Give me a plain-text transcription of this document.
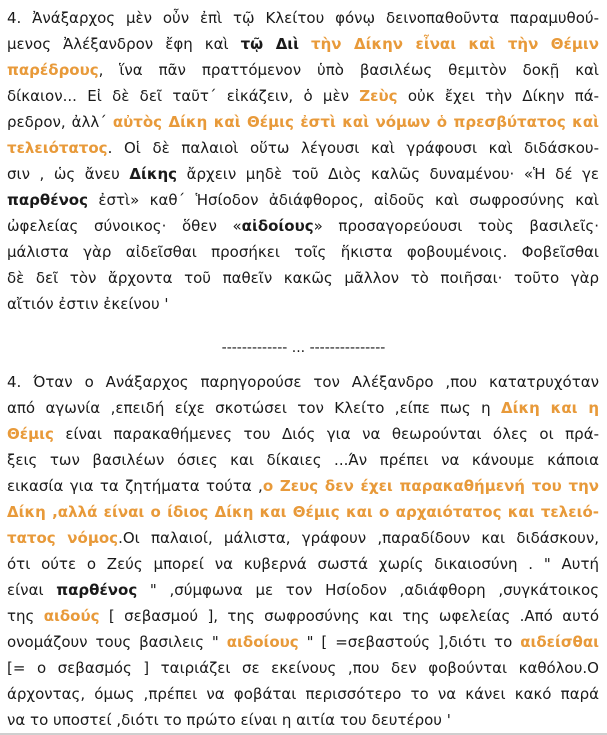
4. Ἀνάξαρχος μὲν οὖν ἐπὶ τῷ Κλείτου φόνῳ δεινοπαθοῦντα παραμυθού-
μενος Ἀλέξανδρον ἔφη καὶ τῷ Διὶ τὴν Δίκην εἶναι καὶ τὴν Θέμιν
παρέδρους, ἵνα πᾶν πραττόμενον ὑπὸ βασιλέως θεμιτὸν δοκῇ καὶ
δίκαιον... Εἰ δὲ δεῖ ταῦτ´ εἰκάζειν, ὁ μὲν Ζεὺς οὐκ ἔχει τὴν Δίκην πά-
ρεδρον, ἀλλ´ αὐτὸς Δίκη καὶ Θέμις ἐστὶ καὶ νόμων ὁ πρεσβύτατος καὶ
τελειότατος. Οἱ δὲ παλαιοὶ οὕτω λέγουσι καὶ γράφουσι καὶ διδάσκου-
σιν , ὡς ἄνευ Δίκης ἄρχειν μηδὲ τοῦ Διὸς καλῶς δυναμένου· «Ἡ δέ γε
παρθένος ἐστὶ» καθ´ Ἡσίοδον ἀδιάφθορος, αἰδοῦς καὶ σωφροσύνης καὶ
ὠφελείας σύνοικος· ὅθεν «αἰδοίους» προσαγορεύουσι τοὺς βασιλεῖς·
μάλιστα γὰρ αἰδεῖσθαι προσήκει τοῖς ἥκιστα φοβουμένοις. Φοβεῖσθαι
δὲ δεῖ τὸν ἄρχοντα τοῦ παθεῖν κακῶς μᾶλλον τὸ ποιῆσαι· τοῦτο γὰρ
αἴτιόν ἐστιν ἐκείνου '
------------- ... ---------------
4. Όταν ο Ανάξαρχος παρηγορούσε τον Αλέξανδρο ,που κατατρυχόταν
από αγωνία ,επειδή είχε σκοτώσει τον Κλείτο ,είπε πως η Δίκη και η
Θέμις είναι παρακαθήμενες του Διός για να θεωρούνται όλες οι πρά-
ξεις των βασιλέων όσιες και δίκαιες ...Άν πρέπει να κάνουμε κάποια
εικασία για τα ζητήματα τούτα ,ο Ζευς δεν έχει παρακαθήμενή του την
Δίκη ,αλλά είναι ο ίδιος Δίκη και Θέμις και ο αρχαιότατος και τελειό-
τατος νόμος.Οι παλαιοί, μάλιστα, γράφουν ,παραδίδουν και διδάσκουν,
ότι ούτε ο Ζεύς μπορεί να κυβερνά σωστά χωρίς δικαιοσύνη . " Αυτή
είναι παρθένος " ,σύμφωνα με τον Ησίοδον ,αδιάφθορη ,συγκάτοικος
της αιδούς [ σεβασμού ], της σωφροσύνης και της ωφελείας .Από αυτό
ονομάζουν τους βασιλεις " αιδοίους " [ =σεβαστούς ],διότι το αιδείσθαι
[= ο σεβασμός ] ταιριάζει σε εκείνους ,που δεν φοβούνται καθόλου.Ο
άρχοντας, όμως ,πρέπει να φοβάται περισσότερο το να κάνει κακό παρά
να το υποστεί ,διότι το πρώτο είναι η αιτία του δευτέρου '
